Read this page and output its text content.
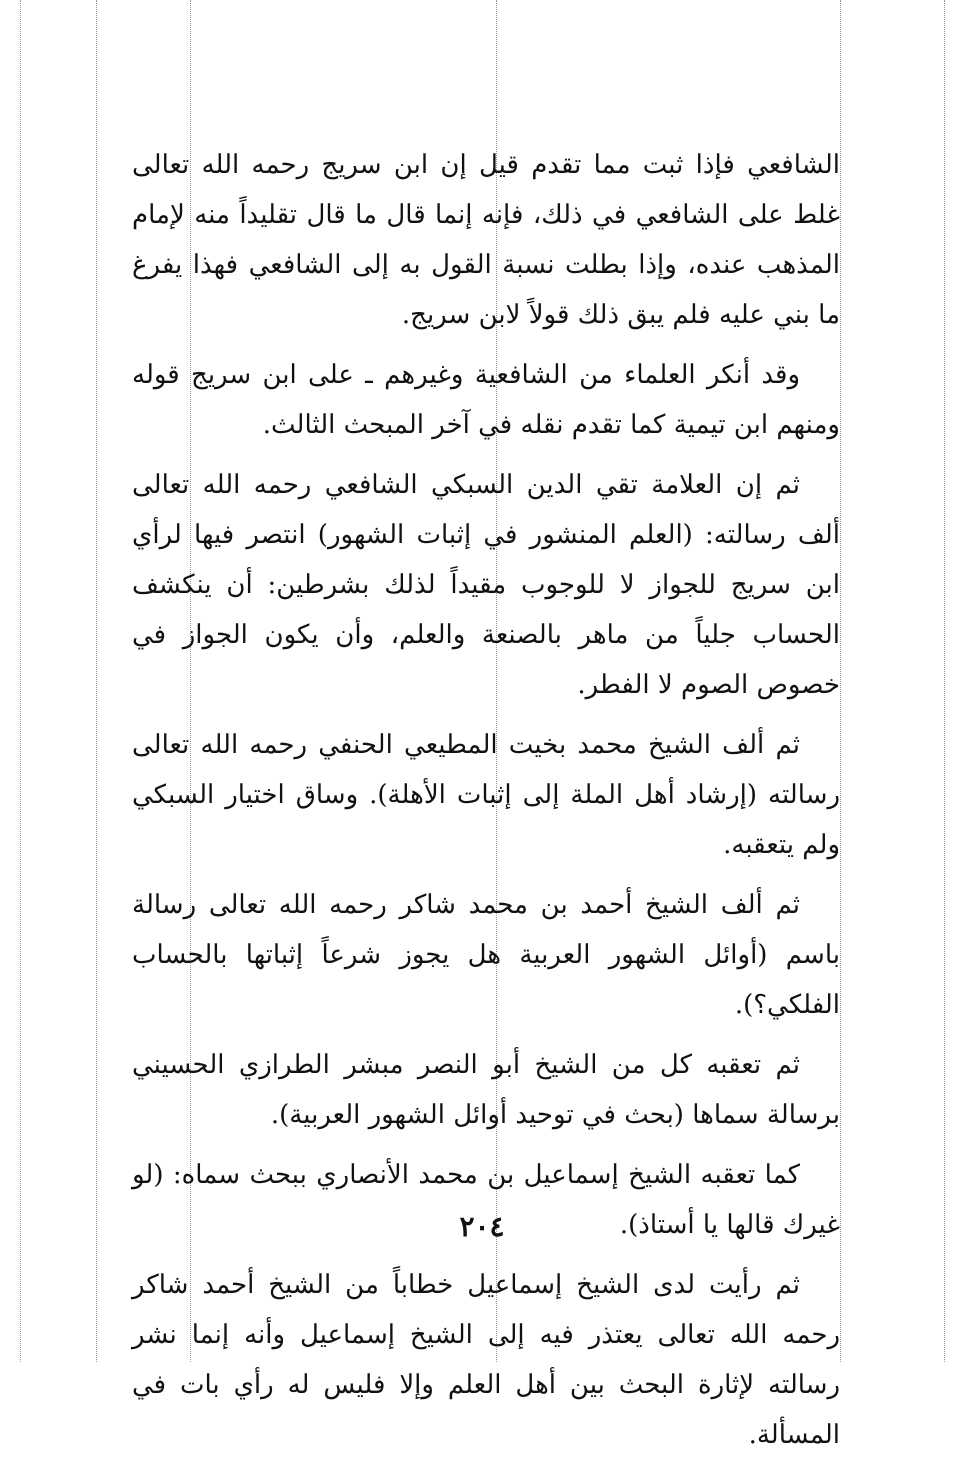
الشافعي فإذا ثبت مما تقدم قيل إن ابن سريج رحمه الله تعالى غلط على الشافعي في ذلك، فإنه إنما قال ما قال تقليداً منه لإمام المذهب عنده، وإذا بطلت نسبة القول به إلى الشافعي فهذا يفرغ ما بني عليه فلم يبق ذلك قولاً لابن سريج.

وقد أنكر العلماء من الشافعية وغيرهم ـ على ابن سريج قوله ومنهم ابن تيمية كما تقدم نقله في آخر المبحث الثالث.

ثم إن العلامة تقي الدين السبكي الشافعي رحمه الله تعالى ألف رسالته: (العلم المنشور في إثبات الشهور) انتصر فيها لرأي ابن سريج للجواز لا للوجوب مقيداً لذلك بشرطين: أن ينكشف الحساب جلياً من ماهر بالصنعة والعلم، وأن يكون الجواز في خصوص الصوم لا الفطر.

ثم ألف الشيخ محمد بخيت المطيعي الحنفي رحمه الله تعالى رسالته (إرشاد أهل الملة إلى إثبات الأهلة). وساق اختيار السبكي ولم يتعقبه.

ثم ألف الشيخ أحمد بن محمد شاكر رحمه الله تعالى رسالة باسم (أوائل الشهور العربية هل يجوز شرعاً إثباتها بالحساب الفلكي؟).

ثم تعقبه كل من الشيخ أبو النصر مبشر الطرازي الحسيني برسالة سماها (بحث في توحيد أوائل الشهور العربية).

كما تعقبه الشيخ إسماعيل بن محمد الأنصاري ببحث سماه: (لو غيرك قالها يا أستاذ).

ثم رأيت لدى الشيخ إسماعيل خطاباً من الشيخ أحمد شاكر رحمه الله تعالى يعتذر فيه إلى الشيخ إسماعيل وأنه إنما نشر رسالته لإثارة البحث بين أهل العلم وإلا فليس له رأي بات في المسألة.

٢٠٤
